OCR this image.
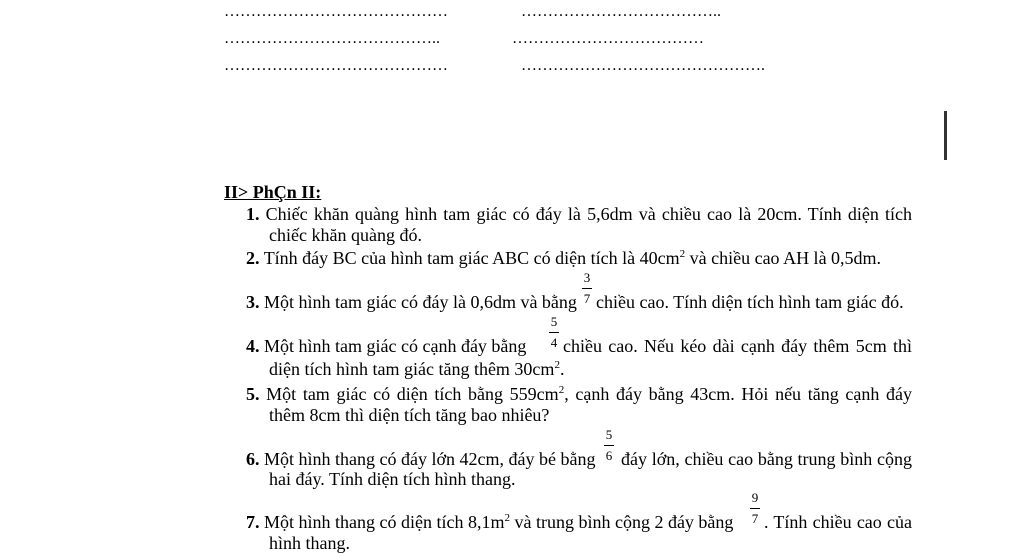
……………………………………	………………………………..
…………………………………..	………………………………
……………………………………	……………………………………….
II> PhÇn II:
1. Chiếc khăn quàng hình tam giác có đáy là 5,6dm và chiều cao là 20cm. Tính diện tích
chiếc khăn quàng đó.
2. Tính đáy BC của hình tam giác ABC có diện tích là $40cm^2$ và chiều cao AH là 0,5dm.
3. Một hình tam giác có đáy là 0,6dm và bằng
3
7 chiều cao. Tính diện tích hình tam giác đó.
4. Một hình tam giác có cạnh đáy bằng
5
4 chiều cao. Nếu kéo dài cạnh đáy thêm 5cm thì
diện tích hình tam giác tăng thêm $30cm^2$.
5. Một tam giác có diện tích bằng $559cm^2$, cạnh đáy bằng 43cm. Hỏi nếu tăng cạnh đáy
thêm 8cm thì diện tích tăng bao nhiêu?
6. Một hình thang có đáy lớn 42cm, đáy bé bằng
5
6 đáy lớn, chiều cao bằng trung bình cộng
hai đáy. Tính diện tích hình thang.
7. Một hình thang có diện tích $8,1m^2$ và trung bình cộng 2 đáy bằng
9
7 . Tính chiều cao của
hình thang.
